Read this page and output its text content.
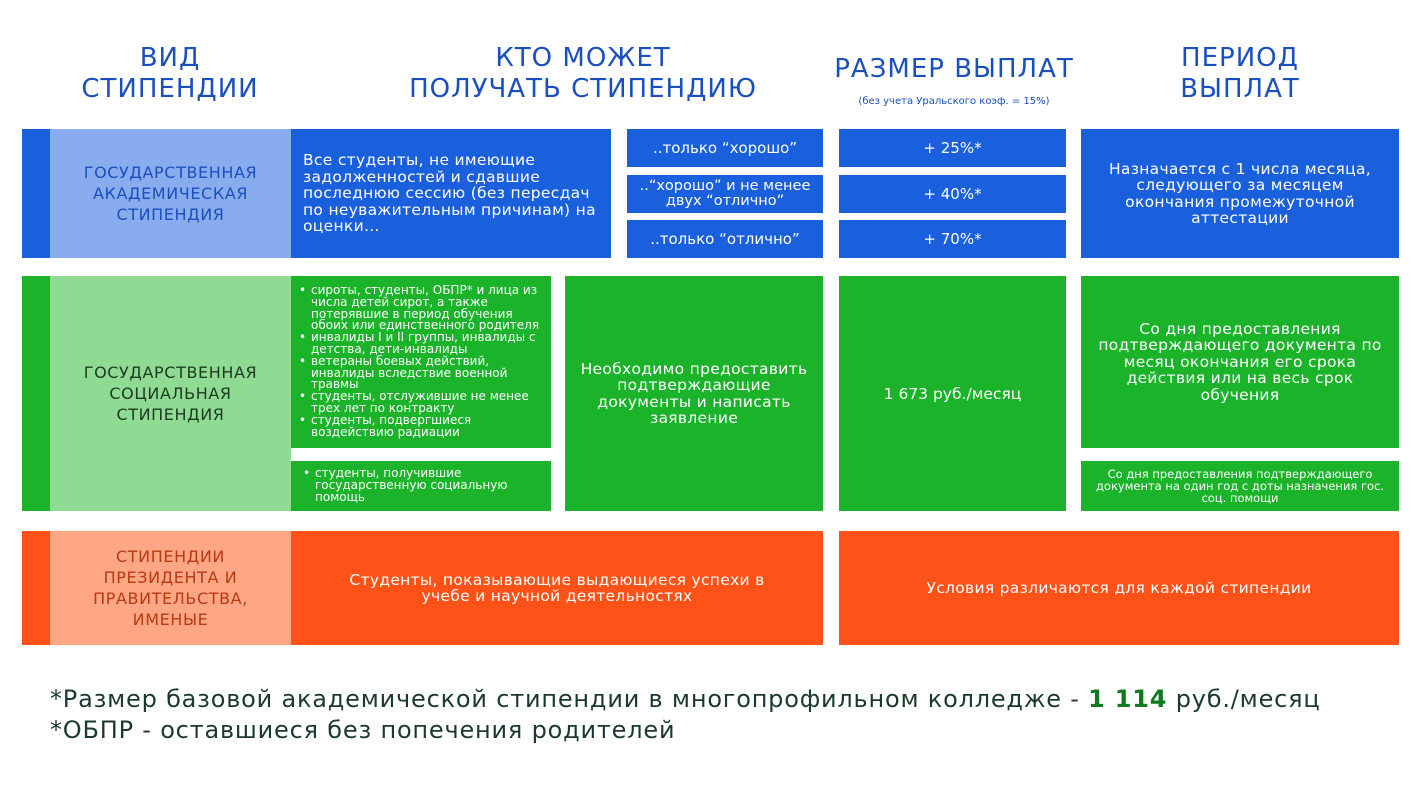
ВИД
СТИПЕНДИИ
КТО МОЖЕТ
ПОЛУЧАТЬ СТИПЕНДИЮ
РАЗМЕР ВЫПЛАТ
(без учета Уральского коэф. = 15%)
ПЕРИОД
ВЫПЛАТ
ГОСУДАРСТВЕННАЯ АКАДЕМИЧЕСКАЯ СТИПЕНДИЯ
Все студенты, не имеющие задолженностей и сдавшие последнюю сессию (без пересдач по неуважительным причинам) на оценки…
..только “хорошо”
..“хорошо” и не менее двух “отлично”
..только “отлично”
+ 25%*
+ 40%*
+ 70%*
Назначается с 1 числа месяца, следующего за месяцем окончания промежуточной аттестации
ГОСУДАРСТВЕННАЯ СОЦИАЛЬНАЯ СТИПЕНДИЯ
• сироты, студенты, ОБПР* и лица из числа детей сирот, а также потерявшие в период обучения обоих или единственного родителя
• инвалиды I и II группы, инвалиды с детства, дети-инвалиды
• ветераны боевых действий, инвалиды вследствие военной травмы
• студенты, отслужившие не менее трех лет по контракту
• студенты, подвергшиеся воздействию радиации
• студенты, получившие государственную социальную помощь
Необходимо предоставить подтверждающие документы и написать заявление
1 673 руб./месяц
Со дня предоставления подтверждающего документа по месяц окончания его срока действия или на весь срок обучения
Со дня предоставления подтверждающего документа на один год с доты назначения гос. соц. помощи
СТИПЕНДИИ ПРЕЗИДЕНТА И ПРАВИТЕЛЬСТВА, ИМЕНЫЕ
Студенты, показывающие выдающиеся успехи в учебе и научной деятельностях	Условия различаются для каждой стипендии
*Размер базовой академической стипендии в многопрофильном колледже - 1 114 руб./месяц
*ОБПР - оставшиеся без попечения родителей
